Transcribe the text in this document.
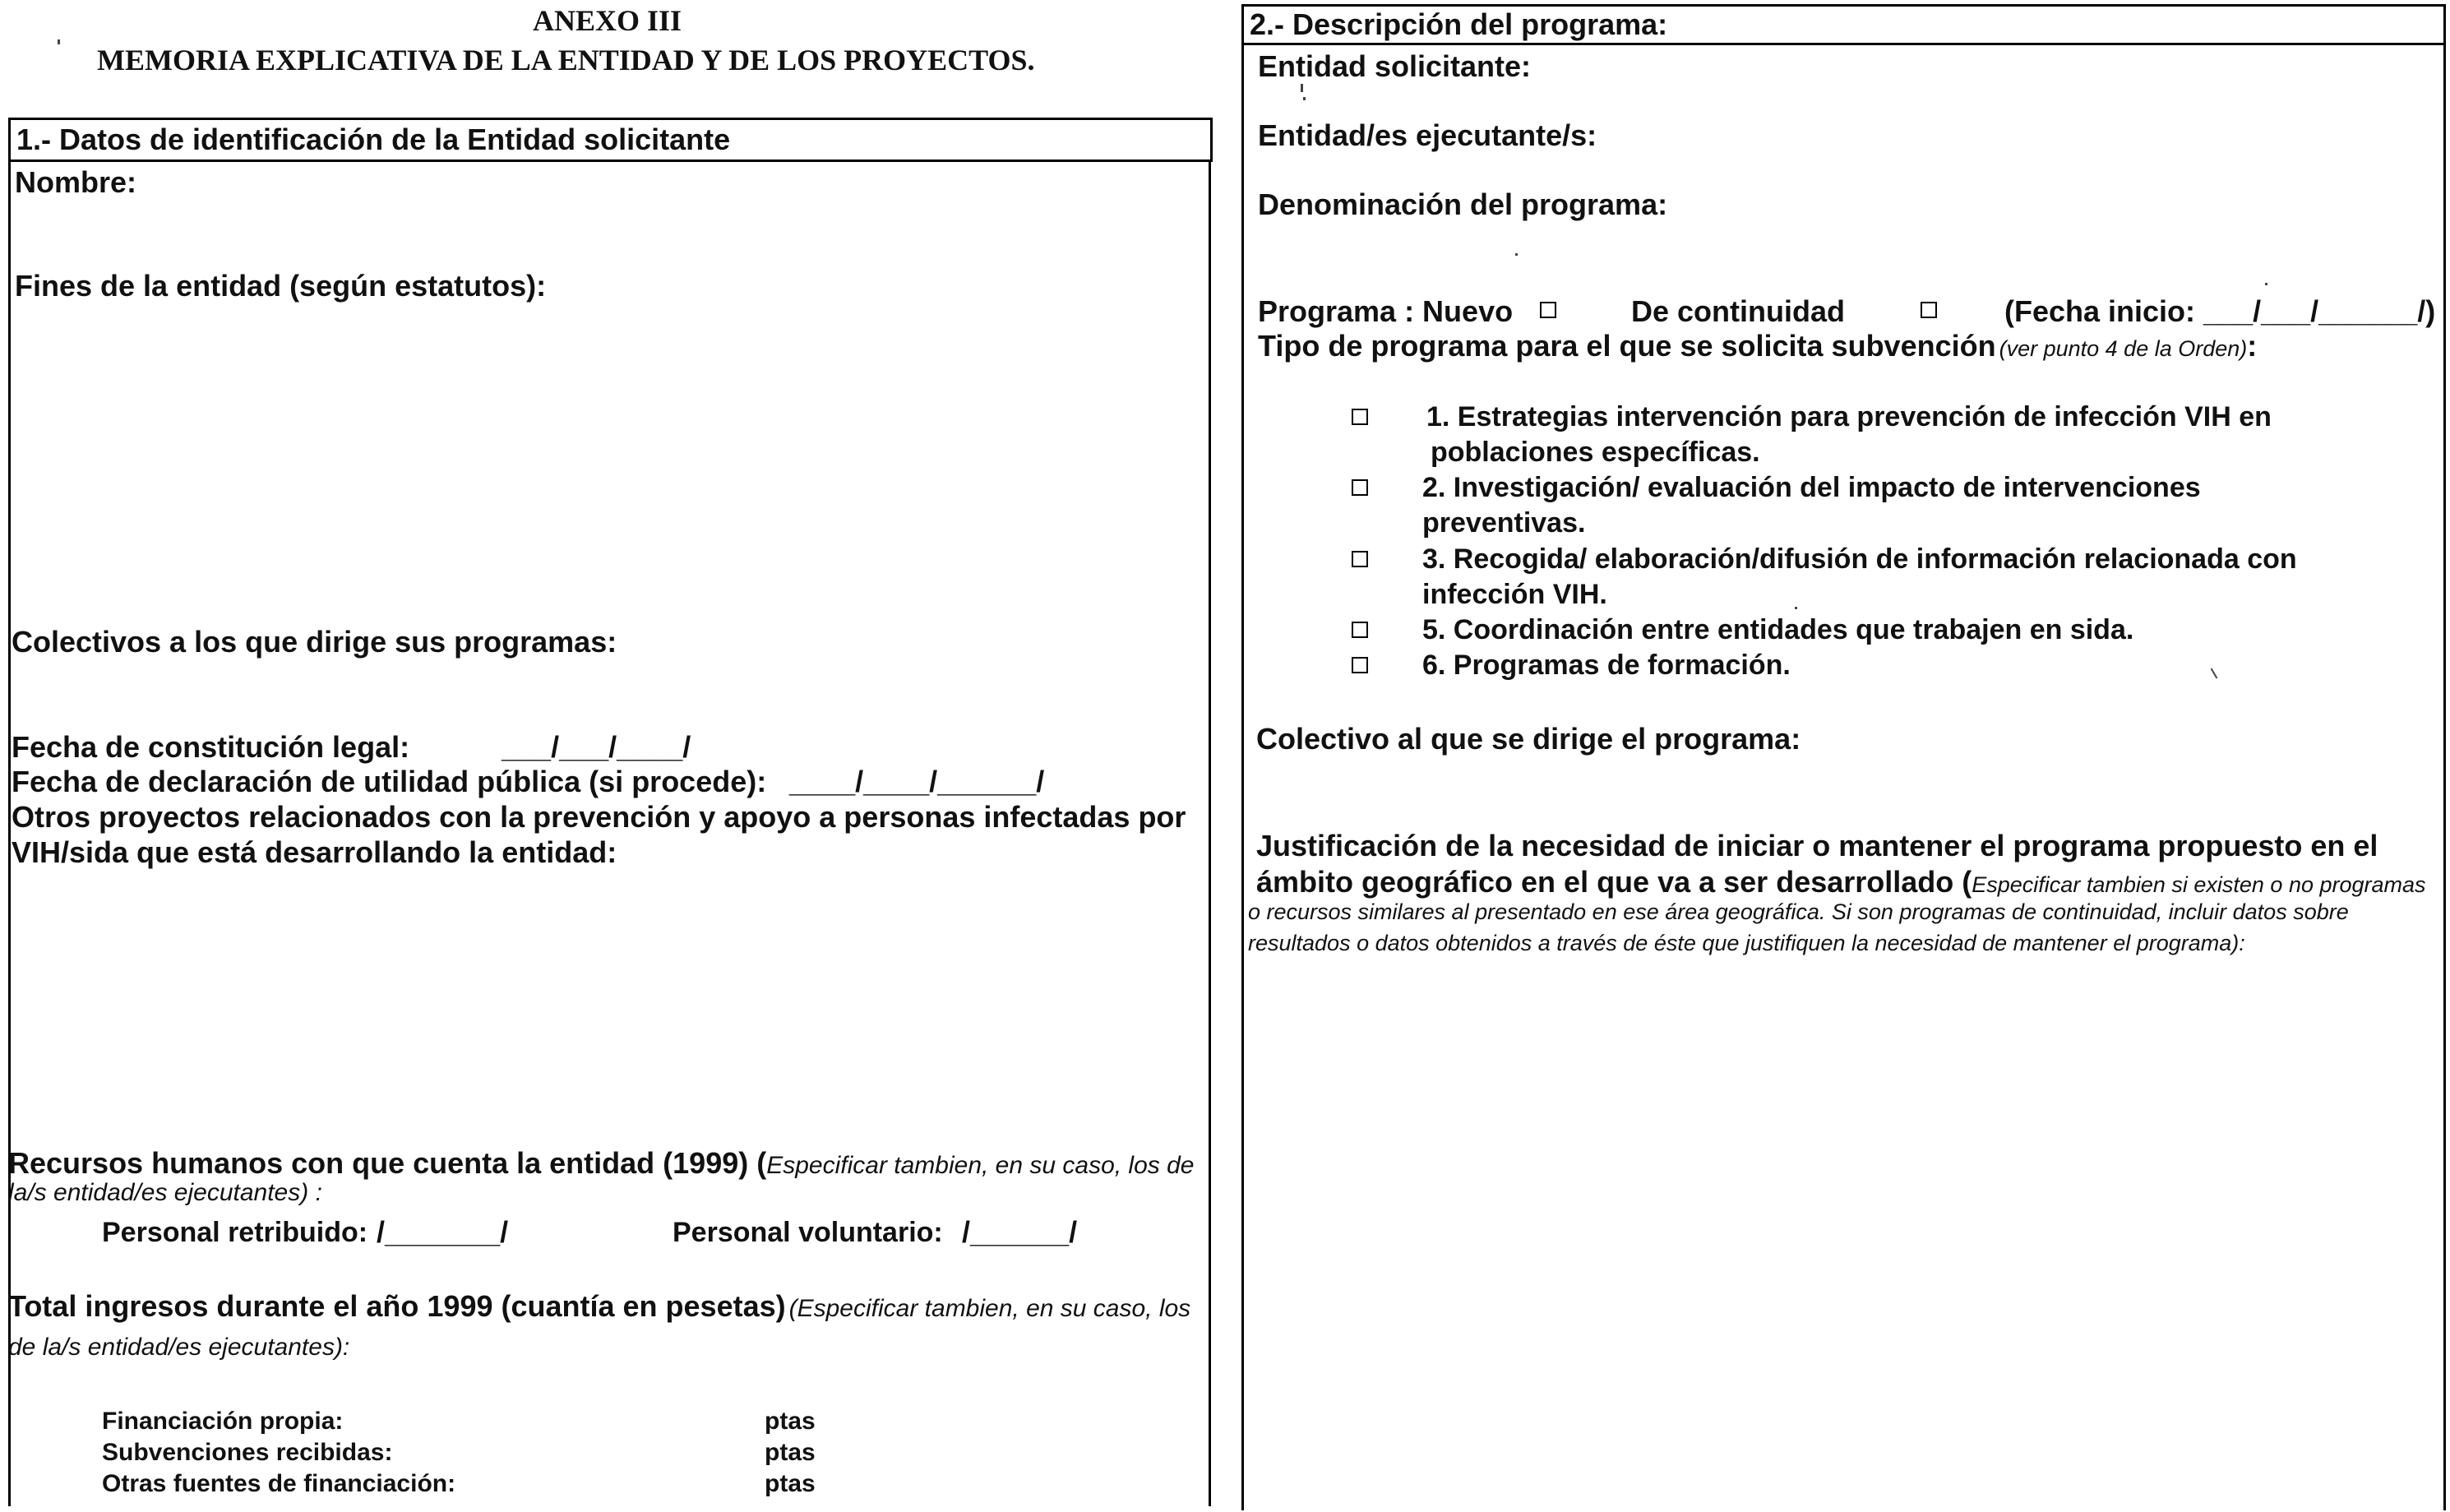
ANEXO III
MEMORIA EXPLICATIVA DE LA ENTIDAD Y DE LOS PROYECTOS.
1.- Datos de identificación de la Entidad solicitante
Nombre:
Fines de la entidad (según estatutos):
Colectivos a los que dirige sus programas:
Fecha de constitución legal:	___/___/____/
Fecha de declaración de utilidad pública (si procede): ____/____/______/
Otros proyectos relacionados con la prevención y apoyo a personas infectadas por
VIH/sida que está desarrollando la entidad:
Recursos humanos con que cuenta la entidad (1999) (Especificar tambien, en su caso, los de
la/s entidad/es ejecutantes) :
Personal retribuido: /_______/	Personal voluntario: /______/
Total ingresos durante el año 1999 (cuantía en pesetas) (Especificar tambien, en su caso, los
de la/s entidad/es ejecutantes):
Financiación propia:	ptas
Subvenciones recibidas:	ptas
Otras fuentes de financiación:	ptas
2.- Descripción del programa:
Entidad solicitante:
Entidad/es ejecutante/s:
Denominación del programa:
Programa : Nuevo	De continuidad	(Fecha inicio: ___/___/______/)
Tipo de programa para el que se solicita subvención (ver punto 4 de la Orden):
1. Estrategias intervención para prevención de infección VIH en
poblaciones específicas.
2. Investigación/ evaluación del impacto de intervenciones
preventivas.
3. Recogida/ elaboración/difusión de información relacionada con
infección VIH.
5. Coordinación entre entidades que trabajen en sida.
6. Programas de formación.
Colectivo al que se dirige el programa:
Justificación de la necesidad de iniciar o mantener el programa propuesto en el
ámbito geográfico en el que va a ser desarrollado (Especificar tambien si existen o no programas
o recursos similares al presentado en ese área geográfica. Si son programas de continuidad, incluir datos sobre
resultados o datos obtenidos a través de éste que justifiquen la necesidad de mantener el programa):
